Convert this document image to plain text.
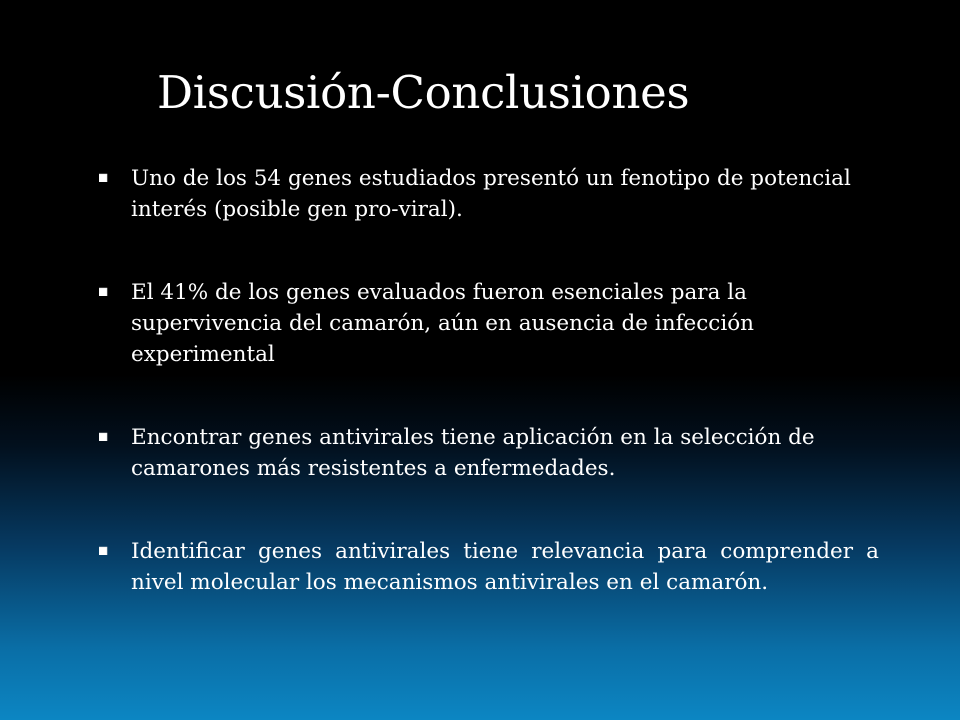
Discusión-Conclusiones
Uno de los 54 genes estudiados presentó un fenotipo de potencial interés (posible gen pro-viral).
El 41% de los genes evaluados fueron esenciales para la supervivencia del camarón, aún en ausencia de infección experimental
Encontrar genes antivirales tiene aplicación en la selección de camarones más resistentes a enfermedades.
Identificar genes antivirales tiene relevancia para comprender a nivel molecular los mecanismos antivirales en el camarón.
